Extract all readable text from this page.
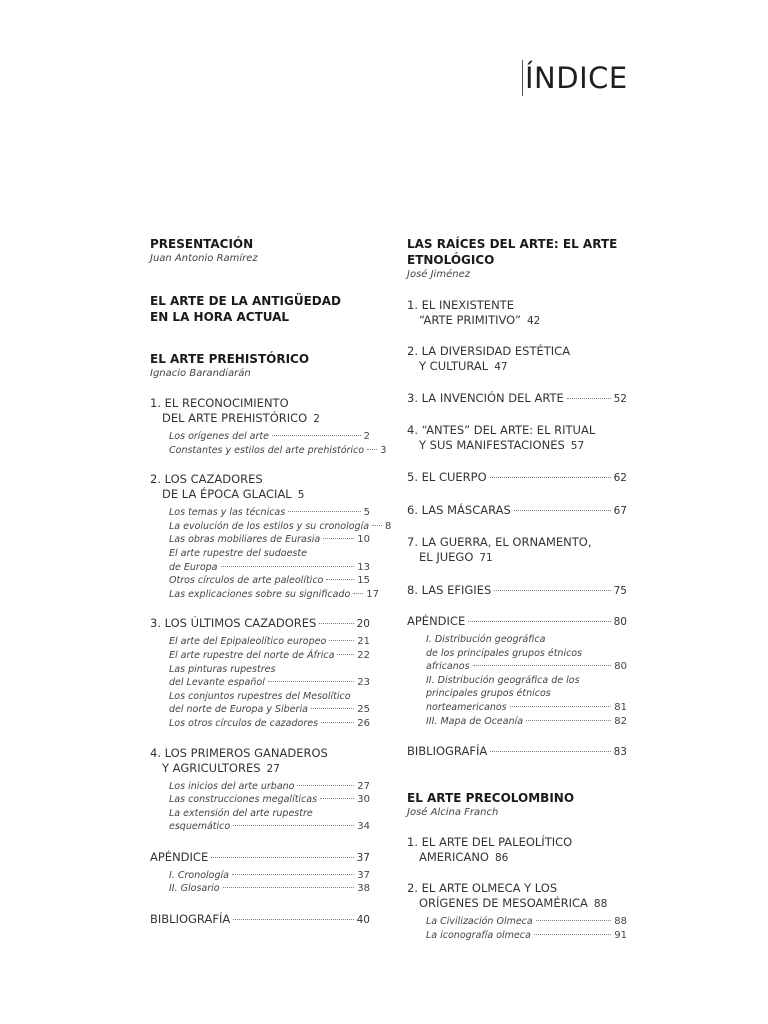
ÍNDICE
PRESENTACIÓN
Juan Antonio Ramírez
EL ARTE DE LA ANTIGÜEDAD
EN LA HORA ACTUAL
EL ARTE PREHISTÓRICO
Ignacio Barandiarán
1. EL RECONOCIMIENTO
DEL ARTE PREHISTÓRICO 2
Los orígenes del arte	2
Constantes y estilos del arte prehistórico 3
2. LOS CAZADORES
DE LA ÉPOCA GLACIAL 5
Los temas y las técnicas	5
La evolución de los estilos y su cronología 8
Las obras mobiliares de Eurasia	10
El arte rupestre del sudoeste
de Europa	13
Otros círculos de arte paleolítico	15
Las explicaciones sobre su significado 17
3. LOS ÚLTIMOS CAZADORES	20
El arte del Epipaleolítico europeo	21
El arte rupestre del norte de África 22
Las pinturas rupestres
del Levante español	23
Los conjuntos rupestres del Mesolítico
del norte de Europa y Siberia	25
Los otros círculos de cazadores	26
4. LOS PRIMEROS GANADEROS
Y AGRICULTORES 27
Los inicios del arte urbano	27
Las construcciones megalíticas	30
La extensión del arte rupestre
esquemático	34
APÉNDICE	37
I. Cronología	37
II. Glosario	38
BIBLIOGRAFÍA	40
LAS RAÍCES DEL ARTE: EL ARTE
ETNOLÓGICO
José Jiménez
1. EL INEXISTENTE
“ARTE PRIMITIVO” 42
2. LA DIVERSIDAD ESTÉTICA
Y CULTURAL 47
3. LA INVENCIÓN DEL ARTE	52
4. “ANTES” DEL ARTE: EL RITUAL
Y SUS MANIFESTACIONES 57
5. EL CUERPO	62
6. LAS MÁSCARAS	67
7. LA GUERRA, EL ORNAMENTO,
EL JUEGO 71
8. LAS EFIGIES	75
APÉNDICE	80
I. Distribución geográfica
de los principales grupos étnicos
africanos	80
II. Distribución geográfica de los
principales grupos étnicos
norteamericanos	81
III. Mapa de Oceanía	82
BIBLIOGRAFÍA	83
EL ARTE PRECOLOMBINO
José Alcina Franch
1. EL ARTE DEL PALEOLÍTICO
AMERICANO 86
2. EL ARTE OLMECA Y LOS
ORÍGENES DE MESOAMÉRICA 88
La Civilización Olmeca	88
La iconografía olmeca	91
